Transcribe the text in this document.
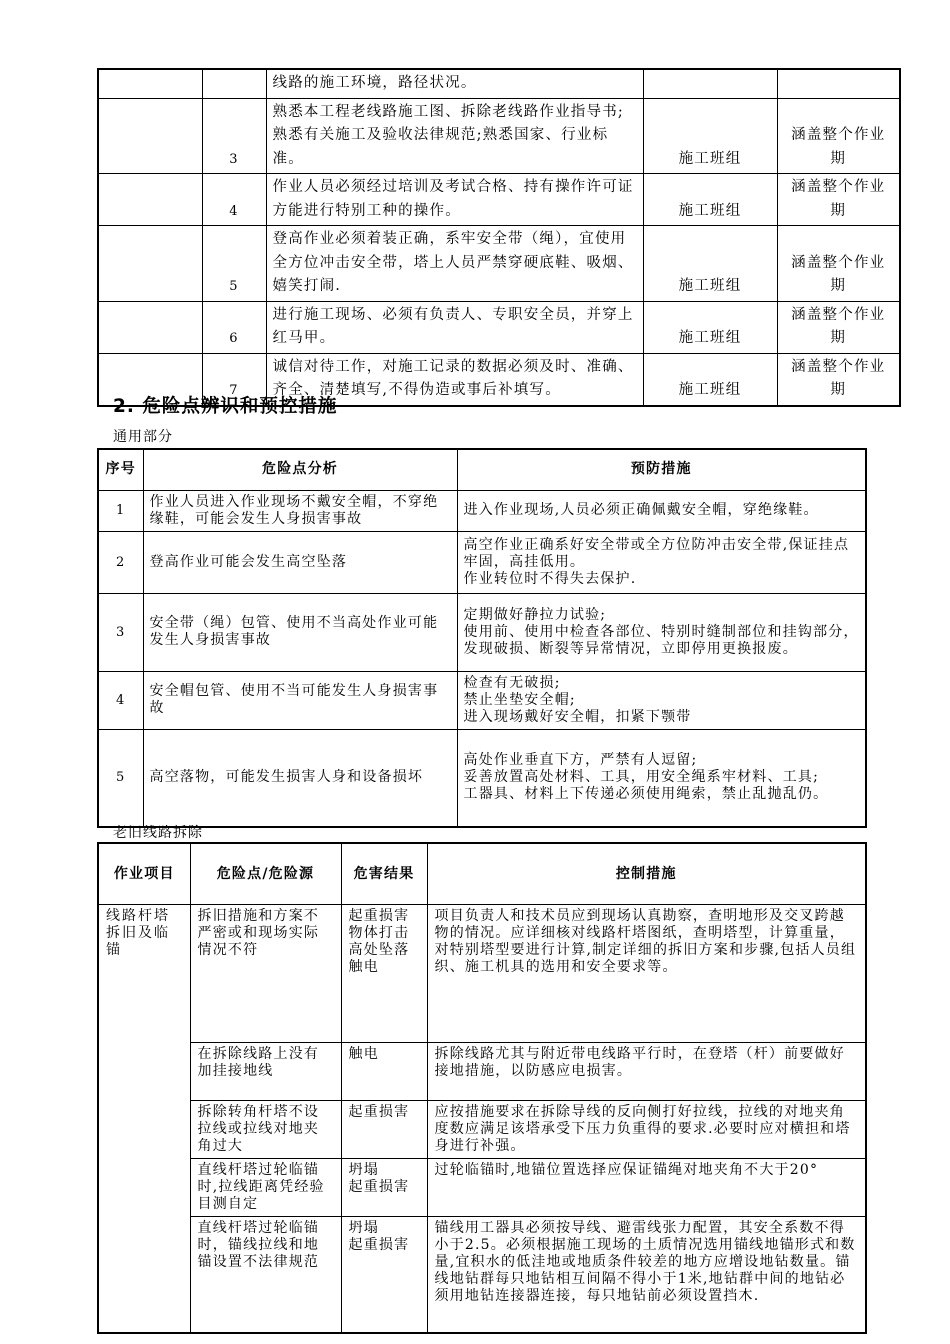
		线路的施工环境，路径状况。		
	3	熟悉本工程老线路施工图、拆除老线路作业指导书;熟悉有关施工及验收法律规范;熟悉国家、行业标准。	施工班组	涵盖整个作业期
	4	作业人员必须经过培训及考试合格、持有操作许可证方能进行特别工种的操作。	施工班组	涵盖整个作业期
	5	登高作业必须着装正确，系牢安全带（绳），宜使用全方位冲击安全带，塔上人员严禁穿硬底鞋、吸烟、嬉笑打闹.	施工班组	涵盖整个作业期
	6	进行施工现场、必须有负责人、专职安全员，并穿上红马甲。	施工班组	涵盖整个作业期
	7	诚信对待工作，对施工记录的数据必须及时、准确、齐全、清楚填写,不得伪造或事后补填写。	施工班组	涵盖整个作业期
2. 危险点辨识和预控措施
通用部分
序号	危险点分析	预防措施
1	作业人员进入作业现场不戴安全帽，不穿绝缘鞋，可能会发生人身损害事故	进入作业现场,人员必须正确佩戴安全帽，穿绝缘鞋。

2	登高作业可能会发生高空坠落	高空作业正确系好安全带或全方位防冲击安全带,保证挂点牢固，高挂低用。
作业转位时不得失去保护.

3	安全带（绳）包管、使用不当高处作业可能发生人身损害事故	定期做好静拉力试验;
使用前、使用中检查各部位、特别时缝制部位和挂钩部分，发现破损、断裂等异常情况，立即停用更换报废。

4	安全帽包管、使用不当可能发生人身损害事故	检查有无破损;
禁止坐垫安全帽;
进入现场戴好安全帽，扣紧下颚带

5	高空落物，可能发生损害人身和设备损坏	高处作业垂直下方，严禁有人逗留;
妥善放置高处材料、工具，用安全绳系牢材料、工具;
工器具、材料上下传递必须使用绳索，禁止乱抛乱仍。
老旧线路拆除
作业项目	危险点/危险源	危害结果	控制措施
线路杆塔拆旧及临锚	拆旧措施和方案不严密或和现场实际情况不符	起重损害
物体打击
高处坠落
触电	项目负责人和技术员应到现场认真勘察，查明地形及交叉跨越物的情况。应详细核对线路杆塔图纸，查明塔型，计算重量，对特别塔型要进行计算,制定详细的拆旧方案和步骤,包括人员组织、施工机具的选用和安全要求等。
	在拆除线路上没有加挂接地线	触电	拆除线路尤其与附近带电线路平行时，在登塔（杆）前要做好接地措施，以防感应电损害。
	拆除转角杆塔不设拉线或拉线对地夹角过大	起重损害	应按措施要求在拆除导线的反向侧打好拉线，拉线的对地夹角度数应满足该塔承受下压力负重得的要求.必要时应对横担和塔身进行补强。
	直线杆塔过轮临锚时,拉线距离凭经验目测自定	坍塌
起重损害	过轮临锚时,地锚位置选择应保证锚绳对地夹角不大于20°
	直线杆塔过轮临锚时，锚线拉线和地锚设置不法律规范	坍塌
起重损害	锚线用工器具必须按导线、避雷线张力配置，其安全系数不得小于2.5。必须根据施工现场的土质情况选用锚线地锚形式和数量,宜积水的低洼地或地质条件较差的地方应增设地钻数量。锚线地钻群每只地钻相互间隔不得小于1米,地钻群中间的地钻必须用地钻连接器连接，每只地钻前必须设置挡木.
